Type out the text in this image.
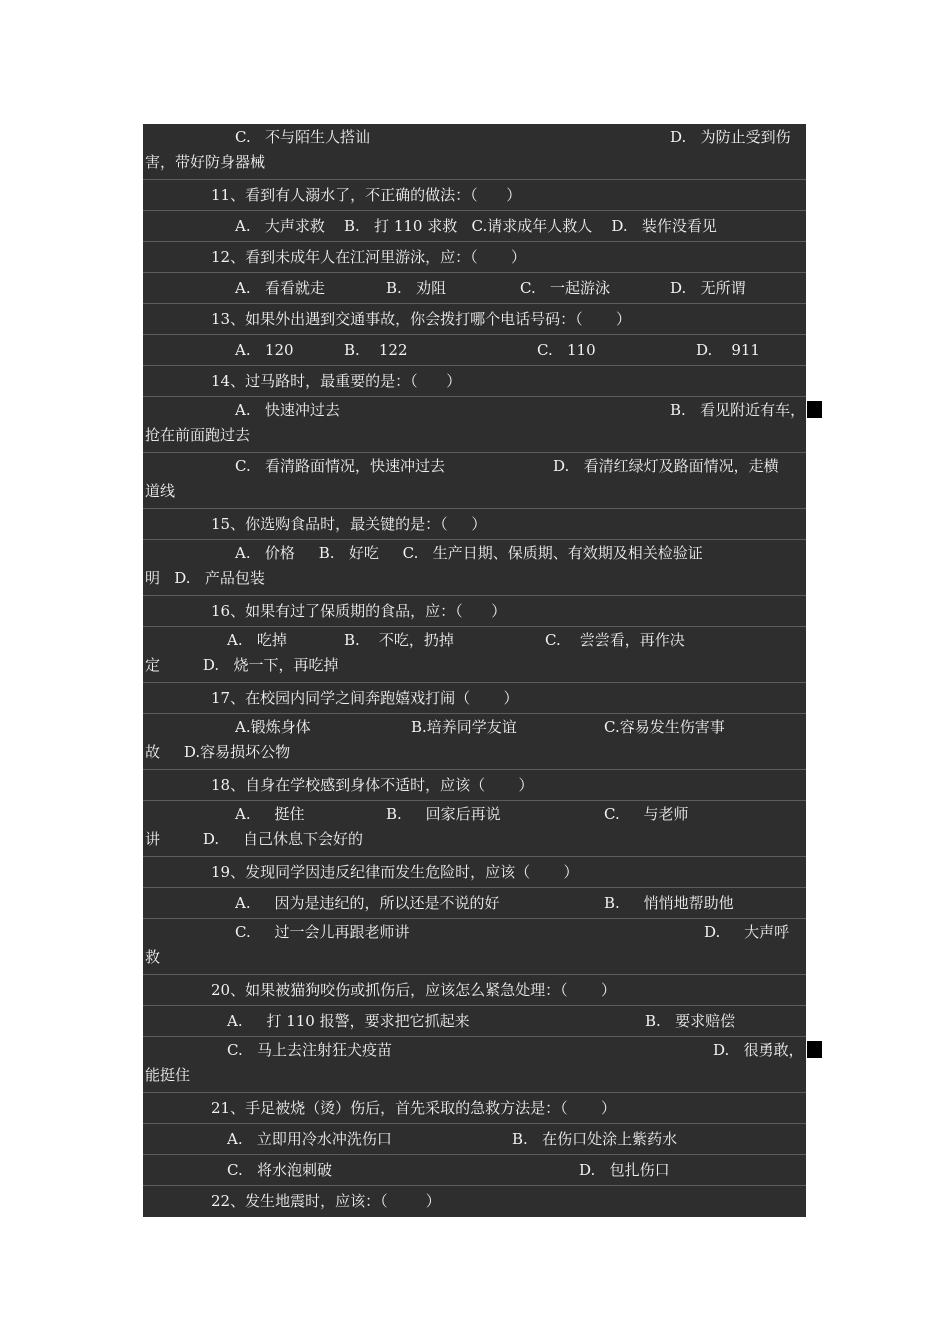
C.   不与陌生人搭讪	D.   为防止受到伤
害，带好防身器械
11、看到有人溺水了，不正确的做法：（      ）
A.   大声求救    B.   打 110 求救   C.请求成年人救人    D.   装作没看见
12、看到未成年人在江河里游泳，应：（       ）
A.   看看就走	B.   劝阻	C.   一起游泳	D.   无所谓
13、如果外出遇到交通事故，你会拨打哪个电话号码：（       ）
A.   120	B.    122	C.   110	D.    911
14、过马路时，最重要的是：（      ）
A.   快速冲过去	B.   看见附近有车，
抢在前面跑过去
C.   看清路面情况，快速冲过去	D.   看清红绿灯及路面情况，走横
道线
15、你选购食品时，最关键的是：（     ）
A.   价格     B.   好吃     C.   生产日期、保质期、有效期及相关检验证
明   D.   产品包装
16、如果有过了保质期的食品，应：（      ）
A.   吃掉	B.    不吃，扔掉	C.    尝尝看，再作决
定         D.   烧一下，再吃掉
17、在校园内同学之间奔跑嬉戏打闹（       ）
A.锻炼身体	B.培养同学友谊	C.容易发生伤害事
故     D.容易损坏公物
18、自身在学校感到身体不适时，应该（       ）
A.     挺住	B.     回家后再说	C.     与老师
讲         D.     自己休息下会好的
19、发现同学因违反纪律而发生危险时，应该（       ）
A.     因为是违纪的，所以还是不说的好	B.     悄悄地帮助他
C.     过一会儿再跟老师讲	D.     大声呼
救
20、如果被猫狗咬伤或抓伤后，应该怎么紧急处理：（       ）
A.     打 110 报警，要求把它抓起来	B.   要求赔偿
C.   马上去注射狂犬疫苗	D.   很勇敢，
能挺住
21、手足被烧（烫）伤后，首先采取的急救方法是：（       ）
A.   立即用冷水冲洗伤口	B.   在伤口处涂上紫药水
C.   将水泡刺破	D.   包扎伤口
22、发生地震时，应该：（        ）
